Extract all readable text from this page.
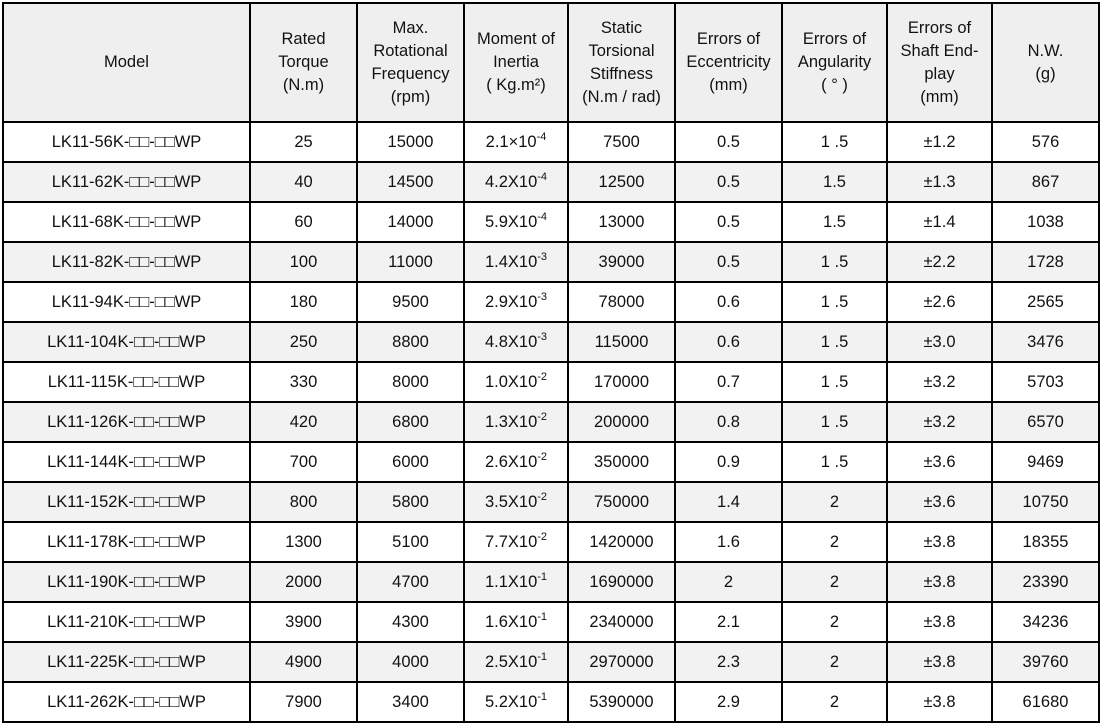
Model	Rated
Torque
(N.m)	Max.
Rotational
Frequency
(rpm)	Moment of
Inertia
( Kg.m²)	Static
Torsional
Stiffness
(N.m / rad)	Errors of
Eccentricity
(mm)	Errors of
Angularity
( ° )	Errors of
Shaft End-
play
(mm)	N.W.
(g)
LK11-56K-□□-□□WP	25	15000	$2.1\times 10^{-4}$	7500	0.5	1 .5	±1.2	576
LK11-62K-□□-□□WP	40	14500	$4.2X10^{-4}$	12500	0.5	1.5	±1.3	867
LK11-68K-□□-□□WP	60	14000	$5.9X10^{-4}$	13000	0.5	1.5	±1.4	1038
LK11-82K-□□-□□WP	100	11000	$1.4X10^{-3}$	39000	0.5	1 .5	±2.2	1728
LK11-94K-□□-□□WP	180	9500	$2.9X10^{-3}$	78000	0.6	1 .5	±2.6	2565
LK11-104K-□□-□□WP	250	8800	$4.8X10^{-3}$	115000	0.6	1 .5	±3.0	3476
LK11-115K-□□-□□WP	330	8000	$1.0X10^{-2}$	170000	0.7	1 .5	±3.2	5703
LK11-126K-□□-□□WP	420	6800	$1.3X10^{-2}$	200000	0.8	1 .5	±3.2	6570
LK11-144K-□□-□□WP	700	6000	$2.6X10^{-2}$	350000	0.9	1 .5	±3.6	9469
LK11-152K-□□-□□WP	800	5800	$3.5X10^{-2}$	750000	1.4	2	±3.6	10750
LK11-178K-□□-□□WP	1300	5100	$7.7X10^{-2}$	1420000	1.6	2	±3.8	18355
LK11-190K-□□-□□WP	2000	4700	$1.1X10^{-1}$	1690000	2	2	±3.8	23390
LK11-210K-□□-□□WP	3900	4300	$1.6X10^{-1}$	2340000	2.1	2	±3.8	34236
LK11-225K-□□-□□WP	4900	4000	$2.5X10^{-1}$	2970000	2.3	2	±3.8	39760
LK11-262K-□□-□□WP	7900	3400	$5.2X10^{-1}$	5390000	2.9	2	±3.8	61680
